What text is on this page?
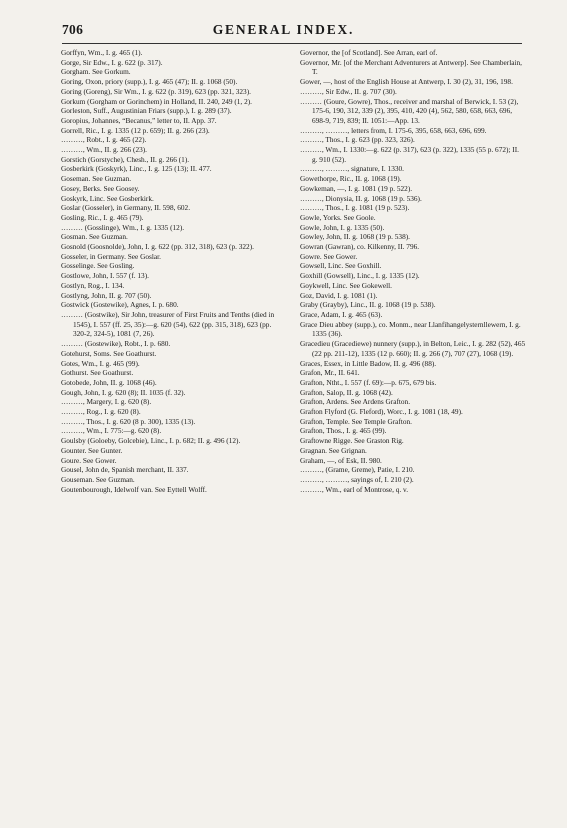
706	GENERAL INDEX.

Gorffyn, Wm., I. g. 465 (1).

Gorge, Sir Edw., I. g. 622 (p. 317).

Gorgham. See Gorkum.

Goring, Oxon, priory (supp.), I. g. 465 (47); II. g. 1068 (50).

Goring (Goreng), Sir Wm., I. g. 622 (p. 319), 623 (pp. 321, 323).

Gorkum (Gorgham or Gorinchem) in Holland, II. 240, 249 (1, 2).

Gorleston, Suff., Augustinian Friars (supp.), I. g. 289 (37).

Goropius, Johannes, “Becanus,” letter to, II. App. 37.

Gorrell, Ric., I. g. 1335 (12 p. 659); II. g. 266 (23).

………, Robt., I. g. 465 (22).

………, Wm., II. g. 266 (23).

Gorstich (Gorstyche), Chesh., II. g. 266 (1).

Gosberkirk (Goskyrk), Linc., I. g. 125 (13); II. 477.

Goseman. See Guzman.

Gosey, Berks. See Goosey.

Goskyrk, Linc. See Gosberkirk.

Goslar (Gosseler), in Germany, II. 598, 602.

Gosling, Ric., I. g. 465 (79).

……… (Gosslinge), Wm., I. g. 1335 (12).

Gosman. See Guzman.

Gosnold (Goosnolde), John, I. g. 622 (pp. 312, 318), 623 (p. 322).

Gosseler, in Germany. See Goslar.

Gosselinge. See Gosling.

Gostlowe, John, I. 557 (f. 13).

Gostlyn, Rog., I. 134.

Gostlyng, John, II. g. 707 (50).

Gostwick (Gostewike), Agnes, I. p. 680.

……… (Gostwike), Sir John, treasurer of First Fruits and Tenths (died in 1545), I. 557 (ff. 25, 35):—g. 620 (54), 622 (pp. 315, 318), 623 (pp. 320-2, 324-5), 1081 (7, 26).

……… (Gostewike), Robt., I. p. 680.

Gotehurst, Soms. See Goathurst.

Gotes, Wm., I. g. 465 (99).

Gothurst. See Goathurst.

Gotobede, John, II. g. 1068 (46).

Gough, John, I. g. 620 (8); II. 1035 (f. 32).

………, Margery, I. g. 620 (8).

………, Rog., I. g. 620 (8).

………, Thos., I. g. 620 (8 p. 300), 1335 (13).

………, Wm., I. 775:—g. 620 (8).

Goulsby (Goloeby, Golcebie), Linc., I. p. 682; II. g. 496 (12).

Gounter. See Gunter.

Goure. See Gower.

Gousel, John de, Spanish merchant, II. 337.

Gouseman. See Guzman.

Goutenbourough, Idelwolf van. See Eyttell Wolff.

Governor, the [of Scotland]. See Arran, earl of.

Governor, Mr. [of the Merchant Adventurers at Antwerp]. See Chamberlain, T.

Gower, —, host of the English House at Antwerp, I. 30 (2), 31, 196, 198.

………, Sir Edw., II. g. 707 (30).

……… (Goure, Gowre), Thos., receiver and marshal of Berwick, I. 53 (2), 175-6, 190, 312, 339 (2), 395, 410, 420 (4), 562, 580, 658, 663, 696, 698-9, 719, 839; II. 1051:—App. 13.

………, ………, letters from, I. 175-6, 395, 658, 663, 696, 699.

………, Thos., I. g. 623 (pp. 323, 326).

………, Wm., I. 1330:—g. 622 (p. 317), 623 (p. 322), 1335 (55 p. 672); II. g. 910 (52).

………, ………, signature, I. 1330.

Gowethorpe, Ric., II. g. 1068 (19).

Gowkeman, —, I. g. 1081 (19 p. 522).

………, Dionysia, II. g. 1068 (19 p. 536).

………, Thos., I. g. 1081 (19 p. 523).

Gowle, Yorks. See Goole.

Gowle, John, I. g. 1335 (50).

Gowley, John, II. g. 1068 (19 p. 538).

Gowran (Gawran), co. Kilkenny, II. 796.

Gowre. See Gower.

Gowsell, Linc. See Goxhill.

Goxhill (Gowsell), Linc., I. g. 1335 (12).

Goykwell, Linc. See Gokewell.

Goz, David, I. g. 1081 (1).

Graby (Grayby), Linc., II. g. 1068 (19 p. 538).

Grace, Adam, I. g. 465 (63).

Grace Dieu abbey (supp.), co. Monm., near Llanfihangelysternllewern, I. g. 1335 (36).

Gracedieu (Gracediewe) nunnery (supp.), in Belton, Leic., I. g. 282 (52), 465 (22 pp. 211-12), 1335 (12 p. 660); II. g. 266 (7), 707 (27), 1068 (19).

Graces, Essex, in Little Badow, II. g. 496 (88).

Grafon, Mr., II. 641.

Grafton, Ntht., I. 557 (f. 69):—p. 675, 679 bis.

Grafton, Salop, II. g. 1068 (42).

Grafton, Ardens. See Ardens Grafton.

Grafton Flyford (G. Fleford), Worc., I. g. 1081 (18, 49).

Grafton, Temple. See Temple Grafton.

Grafton, Thos., I. g. 465 (99).

Graftowne Rigge. See Graston Rig.

Gragnan. See Grignan.

Graham, —, of Esk, II. 980.

………, (Grame, Greme), Patie, I. 210.

………, ………, sayings of, I. 210 (2).

………, Wm., earl of Montrose, q. v.
